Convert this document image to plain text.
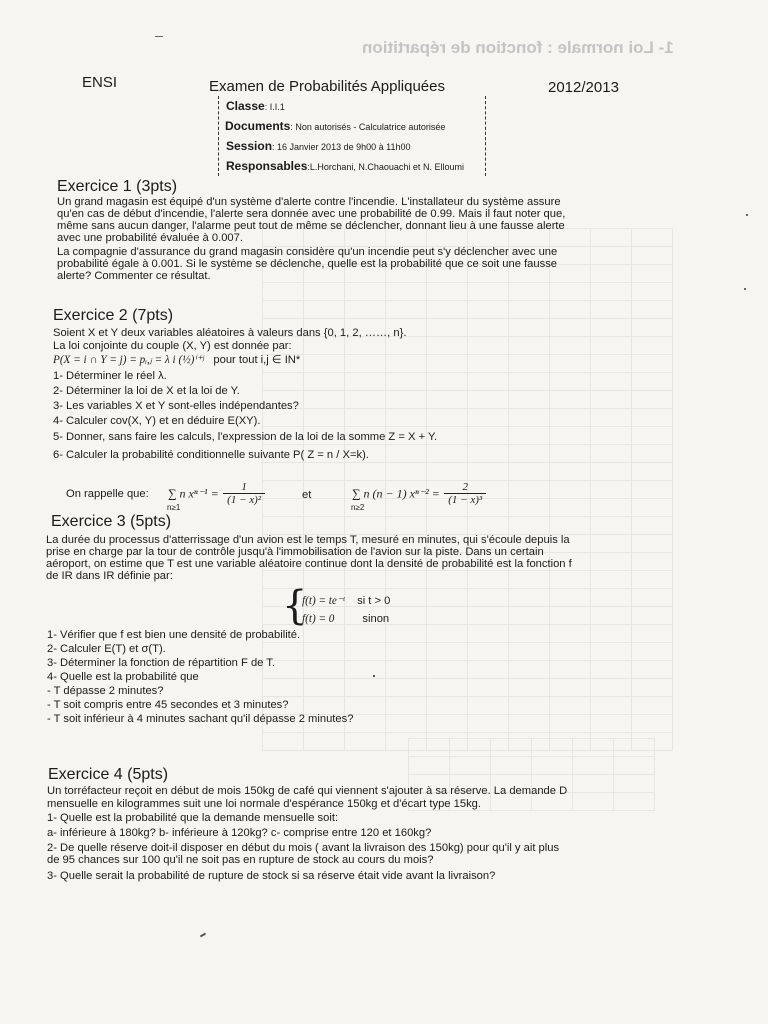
1- Loi normale : fonction de répartition

ENSI	Examen de Probabilités Appliquées	2012/2013
Classe: I.I.1
Documents: Non autorisés - Calculatrice autorisée
Session: 16 Janvier 2013 de 9h00 à 11h00
Responsables:L.Horchani, N.Chaouachi et N. Elloumi
Exercice 1 (3pts)
Un grand magasin est équipé d'un système d'alerte contre l'incendie. L'installateur du système assure
qu'en cas de début d'incendie, l'alerte sera donnée avec une probabilité de 0.99. Mais il faut noter que,
même sans aucun danger, l'alarme peut tout de même se déclencher, donnant lieu à une fausse alerte
avec une probabilité évaluée à 0.007.
La compagnie d'assurance du grand magasin considère qu'un incendie peut s'y déclencher avec une
probabilité égale à 0.001. Si le système se déclenche, quelle est la probabilité que ce soit une fausse
alerte? Commenter ce résultat.
Exercice 2 (7pts)
Soient X et Y deux variables aléatoires à valeurs dans {0, 1, 2, ……, n}.
La loi conjointe du couple (X, Y) est donnée par:
P(X = i ∩ Y = j) = pᵢ,ⱼ = λ i (½)ⁱ⁺ʲ pour tout i,j ∈ IN*
1- Déterminer le réel λ.
2- Déterminer la loi de X et la loi de Y.
3- Les variables X et Y sont-elles indépendantes?
4- Calculer cov(X, Y) et en déduire E(XY).
5- Donner, sans faire les calculs, l'expression de la loi de la somme Z = X + Y.
6- Calculer la probabilité conditionnelle suivante P( Z = n / X=k).
On rappelle que: ∑ n $x^{n-1} = \frac{1}{\text{(1 − x)²}}$
n≥1
et	∑ n (n − 1) $x^{n-2} = \frac{2}{\text{(1 − x)³}}$
n≥2
Exercice 3 (5pts)
La durée du processus d'atterrissage d'un avion est le temps T, mesuré en minutes, qui s'écoule depuis la
prise en charge par la tour de contrôle jusqu'à l'immobilisation de l'avion sur la piste. Dans un certain
aéroport, on estime que T est une variable aléatoire continue dont la densité de probabilité est la fonction f
de IR dans IR définie par:
{
f(t) = te⁻ᵗ si t > 0
f(t) = 0 sinon
1- Vérifier que f est bien une densité de probabilité.
2- Calculer E(T) et σ(T).
3- Déterminer la fonction de répartition F de T.
4- Quelle est la probabilité que
- T dépasse 2 minutes?
- T soit compris entre 45 secondes et 3 minutes?
- T soit inférieur à 4 minutes sachant qu'il dépasse 2 minutes?
Exercice 4 (5pts)
Un torréfacteur reçoit en début de mois 150kg de café qui viennent s'ajouter à sa réserve. La demande D
mensuelle en kilogrammes suit une loi normale d'espérance 150kg et d'écart type 15kg.
1- Quelle est la probabilité que la demande mensuelle soit:
a- inférieure à 180kg? b- inférieure à 120kg? c- comprise entre 120 et 160kg?
2- De quelle réserve doit-il disposer en début du mois ( avant la livraison des 150kg) pour qu'il y ait plus
de 95 chances sur 100 qu'il ne soit pas en rupture de stock au cours du mois?
3- Quelle serait la probabilité de rupture de stock si sa réserve était vide avant la livraison?
